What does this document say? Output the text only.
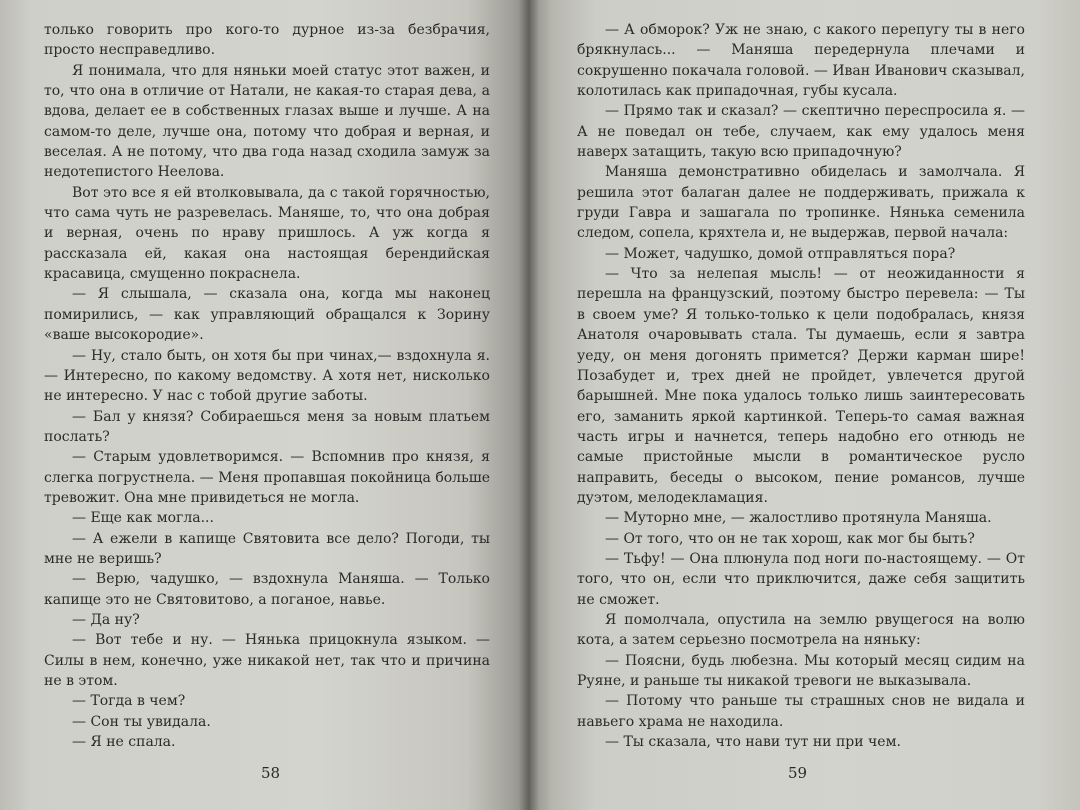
только говорить про кого-то дурное из-за безбрачия, просто несправедливо.

Я понимала, что для няньки моей статус этот важен, и то, что она в отличие от Натали, не какая-то старая дева, а вдова, делает ее в собственных глазах выше и лучше. А на самом-то деле, лучше она, потому что добрая и верная, и веселая. А не потому, что два года назад сходила замуж за недотепистого Неелова.

Вот это все я ей втолковывала, да с такой горячностью, что сама чуть не разревелась. Маняше, то, что она добрая и верная, очень по нраву пришлось. А уж когда я рассказала ей, какая она настоящая берендийская красавица, смущенно покраснела.

— Я слышала, — сказала она, когда мы наконец помирились, — как управляющий обращался к Зорину «ваше высокородие».

— Ну, стало быть, он хотя бы при чинах,— вздохнула я. — Интересно, по какому ведомству. А хотя нет, нисколько не интересно. У нас с тобой другие заботы.

— Бал у князя? Собираешься меня за новым платьем послать?

— Старым удовлетворимся. — Вспомнив про князя, я слегка погрустнела. — Меня пропавшая покойница больше тревожит. Она мне привидеться не могла.

— Еще как могла...

— А ежели в капище Святовита все дело? Погоди, ты мне не веришь?

— Верю, чадушко, — вздохнула Маняша. — Только капище это не Святовитово, а поганое, навье.

— Да ну?

— Вот тебе и ну. — Нянька прицокнула языком. — Силы в нем, конечно, уже никакой нет, так что и причина не в этом.

— Тогда в чем?

— Сон ты увидала.

— Я не спала.

58

— А обморок? Уж не знаю, с какого перепугу ты в него брякнулась... — Маняша передернула плечами и сокрушенно покачала головой. — Иван Иванович сказывал, колотилась как припадочная, губы кусала.

— Прямо так и сказал? — скептично переспросила я. — А не поведал он тебе, случаем, как ему удалось меня наверх затащить, такую всю припадочную?

Маняша демонстративно обиделась и замолчала. Я решила этот балаган далее не поддерживать, прижала к груди Гавра и зашагала по тропинке. Нянька семенила следом, сопела, кряхтела и, не выдержав, первой начала:

— Может, чадушко, домой отправляться пора?

— Что за нелепая мысль! — от неожиданности я перешла на французский, поэтому быстро перевела: — Ты в своем уме? Я только-только к цели подобралась, князя Анатоля очаровывать стала. Ты думаешь, если я завтра уеду, он меня догонять примется? Держи карман шире! Позабудет и, трех дней не пройдет, увлечется другой барышней. Мне пока удалось только лишь заинтересовать его, заманить яркой картинкой. Теперь-то самая важная часть игры и начнется, теперь надобно его отнюдь не самые пристойные мысли в романтическое русло направить, беседы о высоком, пение романсов, лучше дуэтом, мелодекламация.

— Муторно мне, — жалостливо протянула Маняша.

— От того, что он не так хорош, как мог бы быть?

— Тьфу! — Она плюнула под ноги по-настоящему. — От того, что он, если что приключится, даже себя защитить не сможет.

Я помолчала, опустила на землю рвущегося на волю кота, а затем серьезно посмотрела на няньку:

— Поясни, будь любезна. Мы который месяц сидим на Руяне, и раньше ты никакой тревоги не выказывала.

— Потому что раньше ты страшных снов не видала и навьего храма не находила.

— Ты сказала, что нави тут ни при чем.

59
